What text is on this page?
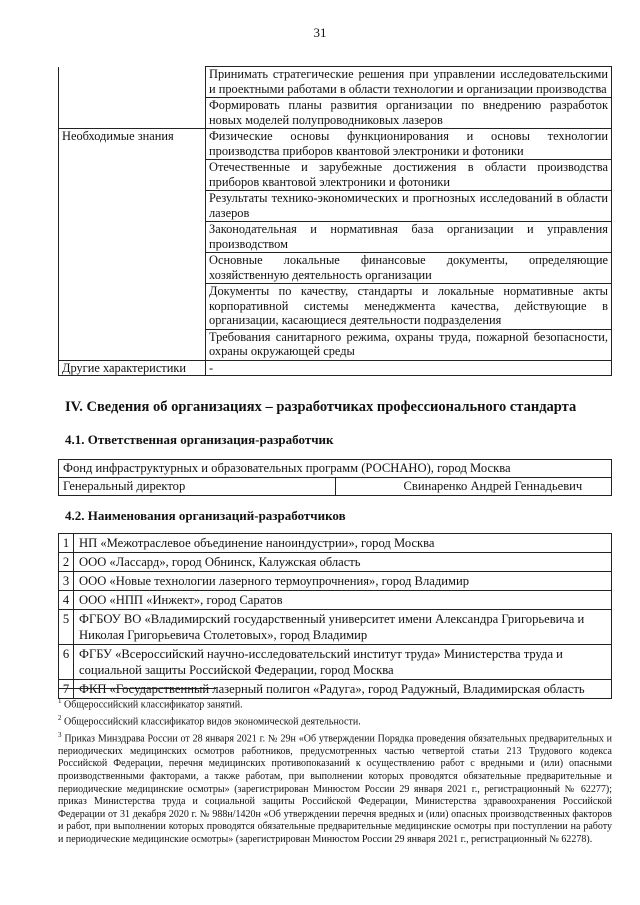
31
	Принимать стратегические решения при управлении исследовательскими и проектными работами в области технологии и организации производства
	Формировать планы развития организации по внедрению разработок новых моделей полупроводниковых лазеров
Необходимые знания	Физические основы функционирования и основы технологии производства приборов квантовой электроники и фотоники
	Отечественные и зарубежные достижения в области производства приборов квантовой электроники и фотоники
	Результаты технико-экономических и прогнозных исследований в области лазеров
	Законодательная и нормативная база организации и управления производством
	Основные локальные финансовые документы, определяющие хозяйственную деятельность организации
	Документы по качеству, стандарты и локальные нормативные акты корпоративной системы менеджмента качества, действующие в организации, касающиеся деятельности подразделения
	Требования санитарного режима, охраны труда, пожарной безопасности, охраны окружающей среды
Другие характеристики	-
IV. Сведения об организациях – разработчиках профессионального стандарта
4.1. Ответственная организация-разработчик
Фонд инфраструктурных и образовательных программ (РОСНАНО), город Москва
Генеральный директор	Свинаренко Андрей Геннадьевич
4.2. Наименования организаций-разработчиков
1	НП «Межотраслевое объединение наноиндустрии», город Москва
2	ООО «Лассард», город Обнинск, Калужская область
3	ООО «Новые технологии лазерного термоупрочнения», город Владимир
4	ООО «НПП «Инжект», город Саратов
5	ФГБОУ ВО «Владимирский государственный университет имени Александра Григорьевича и Николая Григорьевича Столетовых», город Владимир
6	ФГБУ «Всероссийский научно-исследовательский институт труда» Министерства труда и социальной защиты Российской Федерации, город Москва
7	ФКП «Государственный лазерный полигон «Радуга», город Радужный, Владимирская область

$^1$ Общероссийский классификатор занятий.

$^2$ Общероссийский классификатор видов экономической деятельности.

$^3$ Приказ Минздрава России от 28 января 2021 г. № 29н «Об утверждении Порядка проведения обязательных предварительных и периодических медицинских осмотров работников, предусмотренных частью четвертой статьи 213 Трудового кодекса Российской Федерации, перечня медицинских противопоказаний к осуществлению работ с вредными и (или) опасными производственными факторами, а также работам, при выполнении которых проводятся обязательные предварительные и периодические медицинские осмотры» (зарегистрирован Минюстом России 29 января 2021 г., регистрационный № 62277); приказ Министерства труда и социальной защиты Российской Федерации, Министерства здравоохранения Российской Федерации от 31 декабря 2020 г. № 988н/1420н «Об утверждении перечня вредных и (или) опасных производственных факторов и работ, при выполнении которых проводятся обязательные предварительные медицинские осмотры при поступлении на работу и периодические медицинские осмотры» (зарегистрирован Минюстом России 29 января 2021 г., регистрационный № 62278).
